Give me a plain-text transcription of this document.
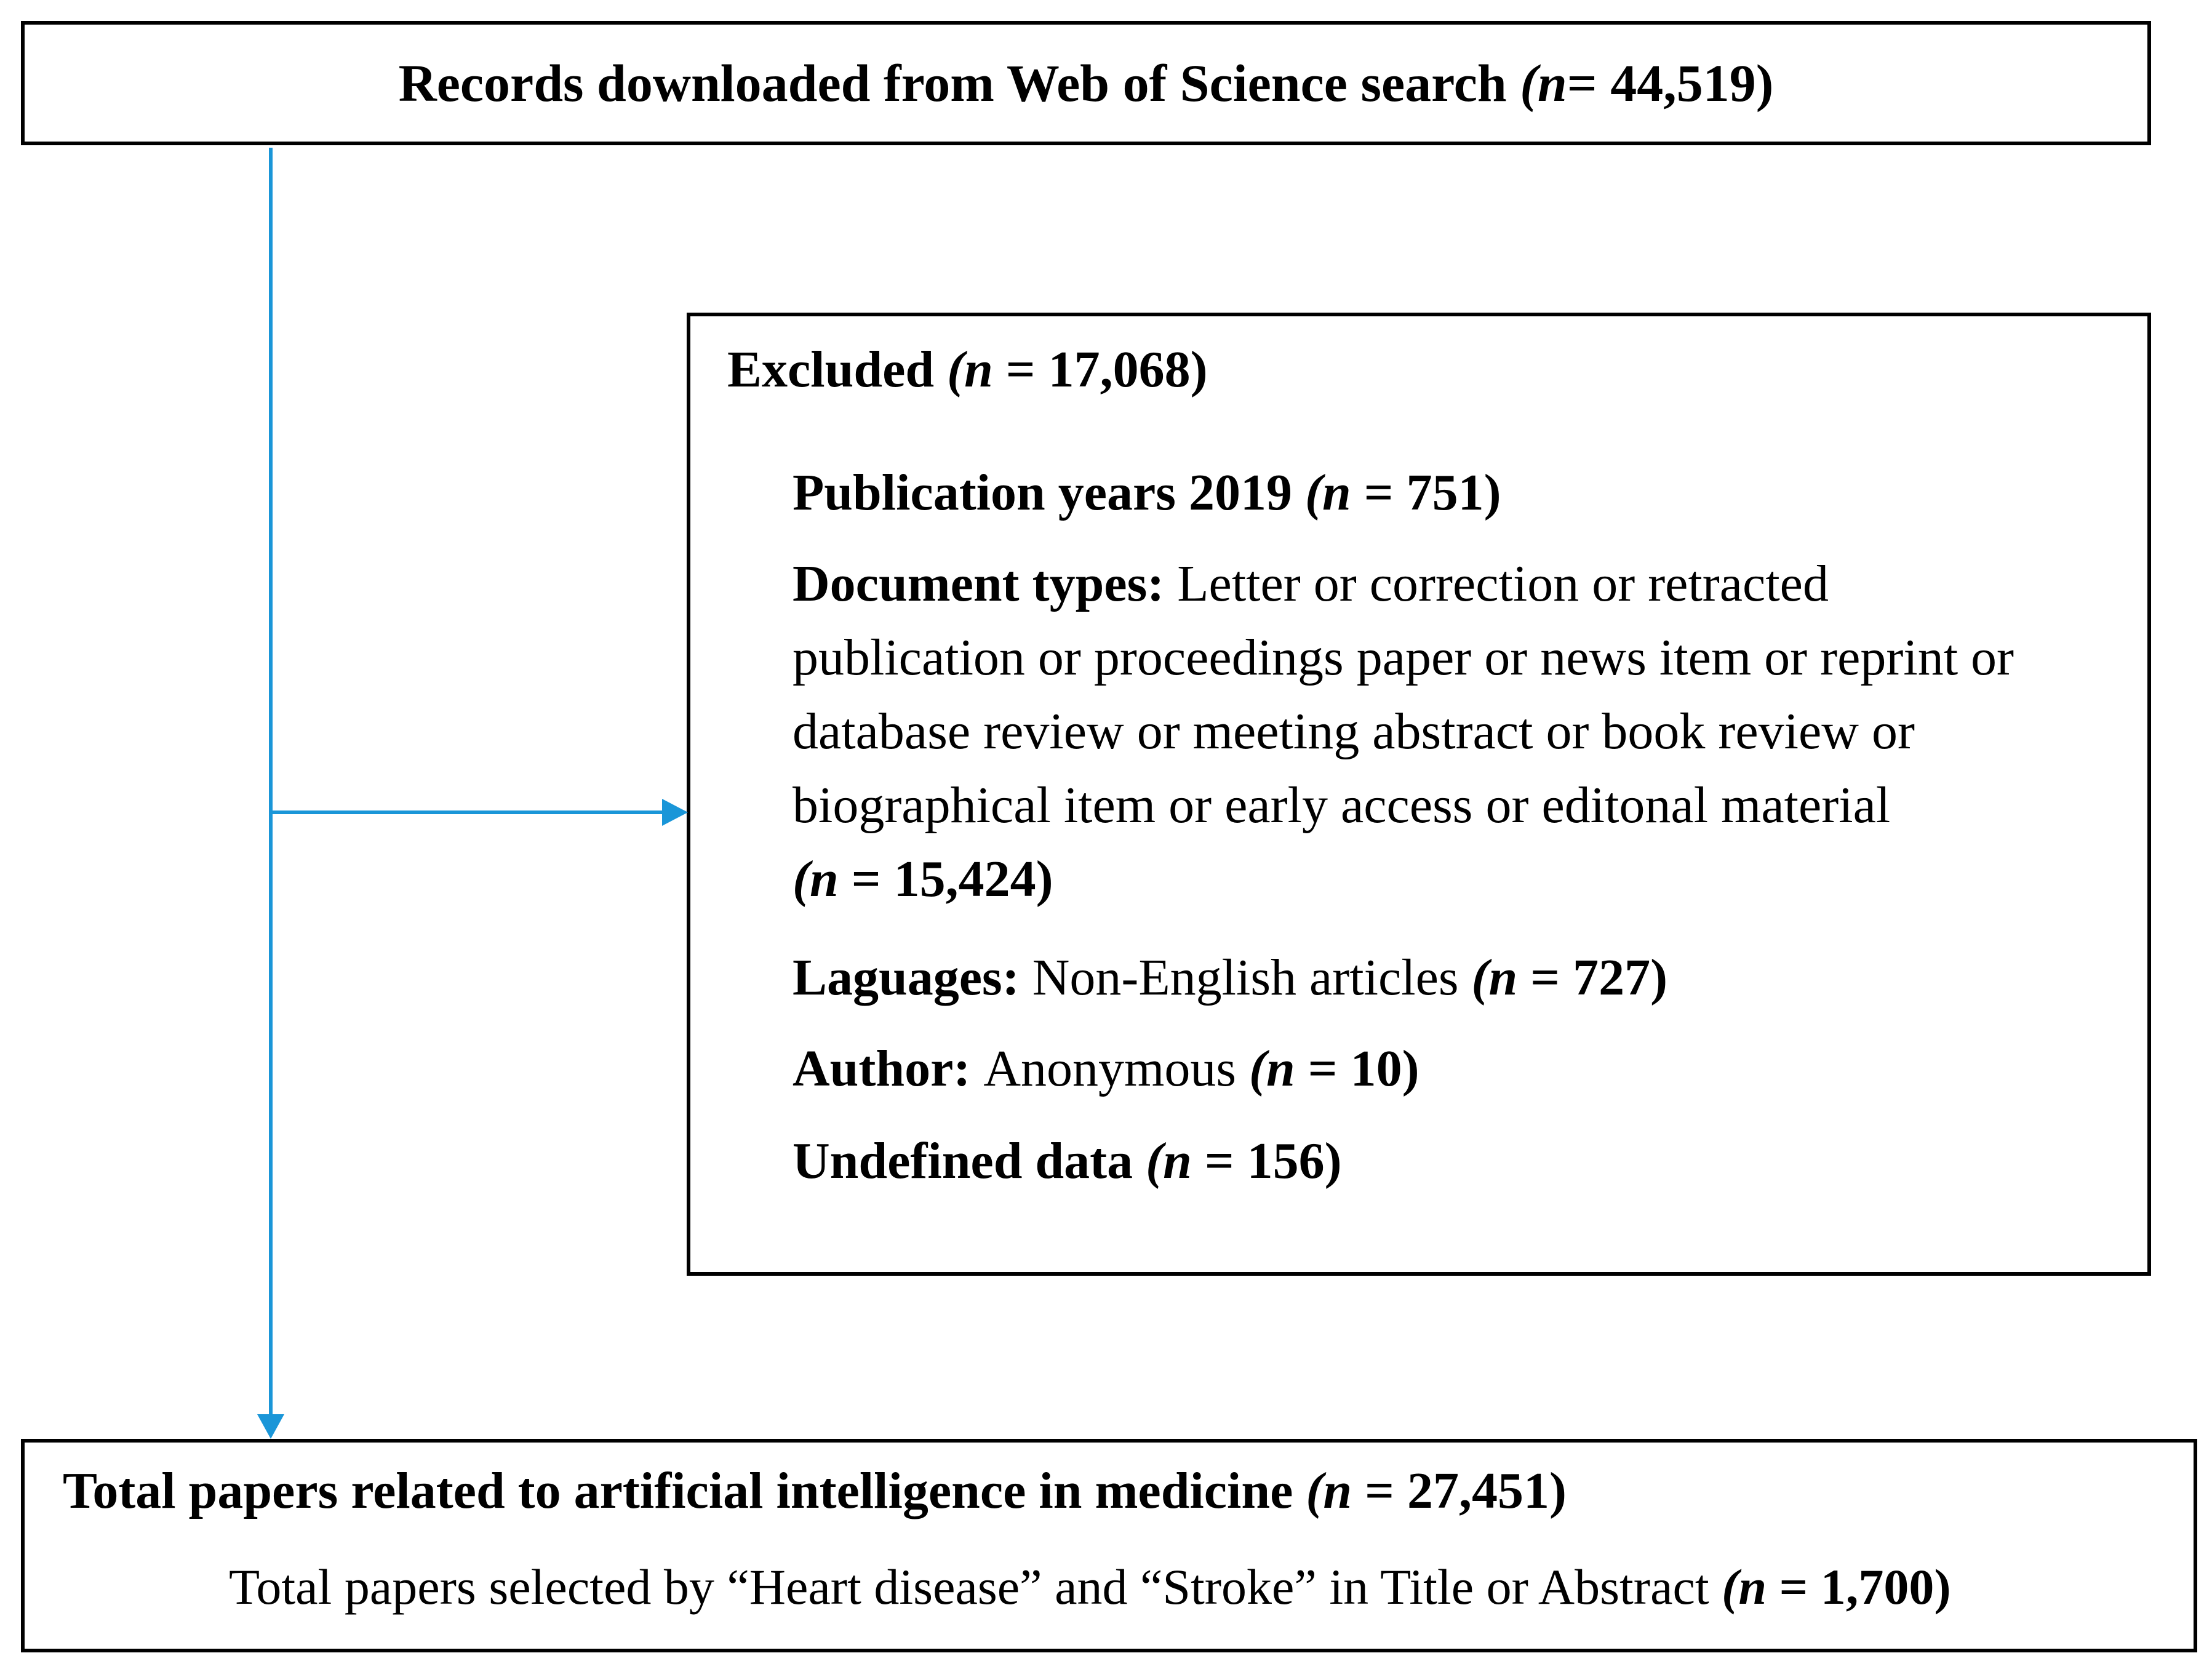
Records downloaded from Web of Science search
(n = 44,519)
Excluded (n = 17,068)
Publication years 2019 (n = 751)
Document types: Letter or correction or retracted
publication or proceedings paper or news item or reprint or
database review or meeting abstract or book review or
biographical item or early access or editonal material
(n = 15,424)
Laguages: Non-English articles (n = 727)
Author: Anonymous (n = 10)
Undefined data (n = 156)
Total papers related to artificial intelligence in medicine (n = 27,451)
Total papers selected by “Heart disease” and “Stroke” in Title or Abstract (n = 1,700)
